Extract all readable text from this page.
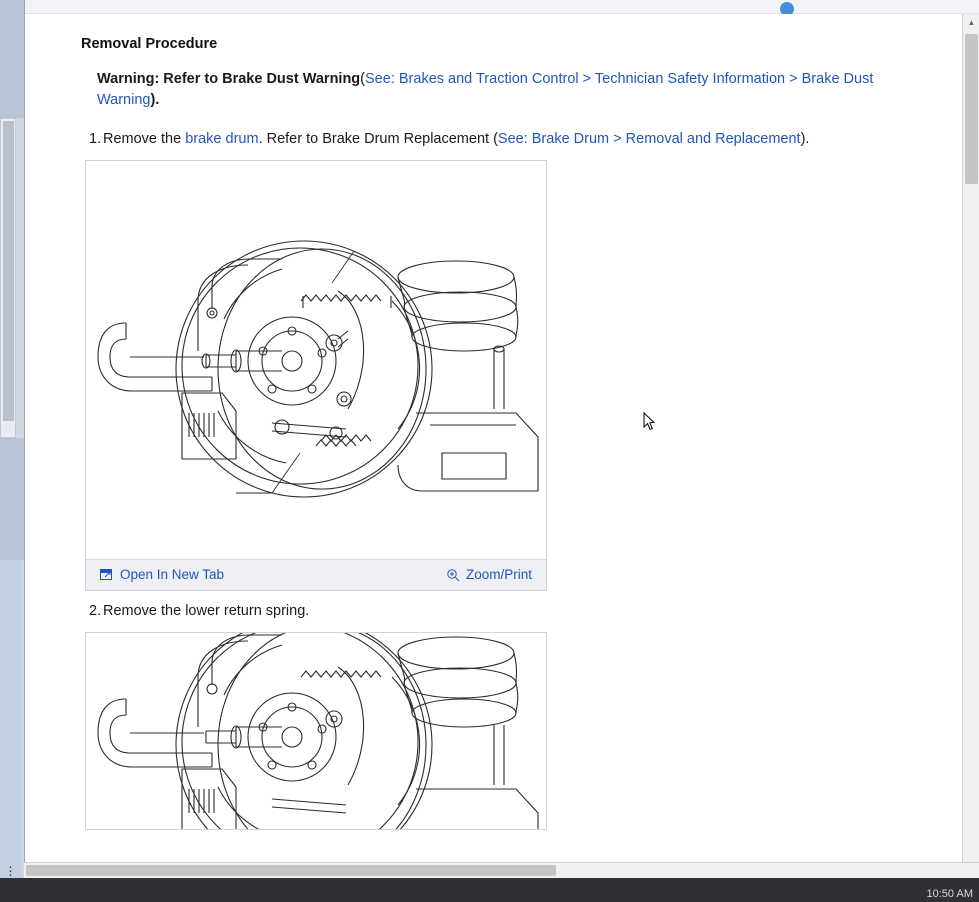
⋮
Removal Procedure
Warning: Refer to Brake Dust Warning(See: Brakes and Traction Control > Technician Safety Information > Brake Dust Warning).
1. Remove the brake drum. Refer to Brake Drum Replacement (See: Brake Drum > Removal and Replacement).
Open In New Tab	Zoom/Print
2. Remove the lower return spring.
▲
10:50 AM
